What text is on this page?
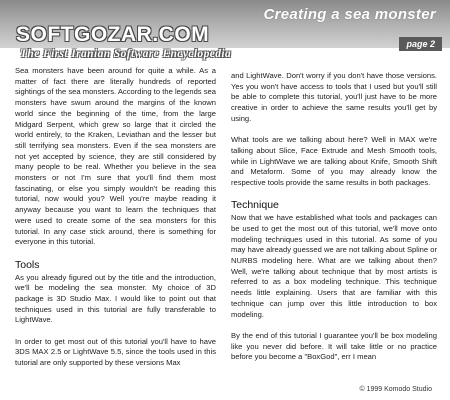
Creating a sea monster
page 2
SOFTGOZAR.COM
The First Iranian Software Encyclopedia

Sea monsters have been around for quite a while. As a matter of fact there are literally hundreds of reported sightings of the sea monsters. According to the legends sea monsters have swum around the margins of the known world since the beginning of the time, from the large Midgard Serpent, which grew so large that it circled the world entirely, to the Kraken, Leviathan and the lesser but still terrifying sea monsters. Even if the sea monsters are not yet accepted by science, they are still considered by many people to be real. Whether you believe in the sea monsters or not I'm sure that you'll find them most fascinating, or else you simply wouldn't be reading this tutorial, now would you? Well you're maybe reading it anyway because you want to learn the techniques that were used to create some of the sea monsters for this tutorial. In any case stick around, there is something for everyone in this tutorial.

Tools

As you already figured out by the title and the introduction, we'll be modeling the sea monster. My choice of 3D package is 3D Studio Max. I would like to point out that techniques used in this tutorial are fully transferable to LightWave.

In order to get most out of this tutorial you'll have to have 3DS MAX 2.5 or LightWave 5.5, since the tools used in this tutorial are only supported by these versions Max

and LightWave. Don't worry if you don't have those versions. Yes you won't have access to tools that I used but you'll still be able to complete this tutorial, you'll just have to be more creative in order to achieve the same results you'll get by using.

What tools are we talking about here? Well in MAX we're talking about Slice, Face Extrude and Mesh Smooth tools, while in LightWave we are talking about Knife, Smooth Shift and Metaform. Some of you may already know the respective tools provide the same results in both packages.

Technique

Now that we have established what tools and packages can be used to get the most out of this tutorial, we'll move onto modeling techniques used in this tutorial. As some of you may have already guessed we are not talking about Spline or NURBS modeling here. What are we talking about then? Well, we're talking about technique that by most artists is referred to as a box modeling technique. This technique needs little explaining. Users that are familiar with this technique can jump over this little introduction to box modeling.

By the end of this tutorial I guarantee you'll be box modeling like you never did before. It will take little or no practice before you become a "BoxGod", err I mean

© 1999 Komodo Studio
